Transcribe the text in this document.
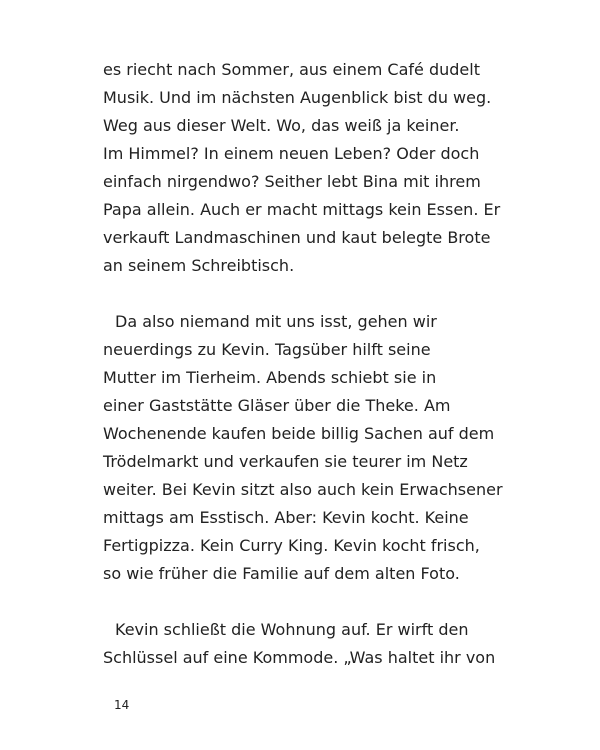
es riecht nach Sommer, aus einem Café dudelt
Musik. Und im nächsten Augenblick bist du weg.
Weg aus dieser Welt. Wo, das weiß ja keiner.
Im Himmel? In einem neuen Leben? Oder doch
einfach nirgendwo? Seither lebt Bina mit ihrem
Papa allein. Auch er macht mittags kein Essen. Er
verkauft Landmaschinen und kaut belegte Brote
an seinem Schreibtisch.
Da also niemand mit uns isst, gehen wir
neuerdings zu Kevin. Tagsüber hilft seine
Mutter im Tierheim. Abends schiebt sie in
einer Gaststätte Gläser über die Theke. Am
Wochenende kaufen beide billig Sachen auf dem
Trödelmarkt und verkaufen sie teurer im Netz
weiter. Bei Kevin sitzt also auch kein Erwachsener
mittags am Esstisch. Aber: Kevin kocht. Keine
Fertigpizza. Kein Curry King. Kevin kocht frisch,
so wie früher die Familie auf dem alten Foto.
Kevin schließt die Wohnung auf. Er wirft den
Schlüssel auf eine Kommode. „Was haltet ihr von
14
